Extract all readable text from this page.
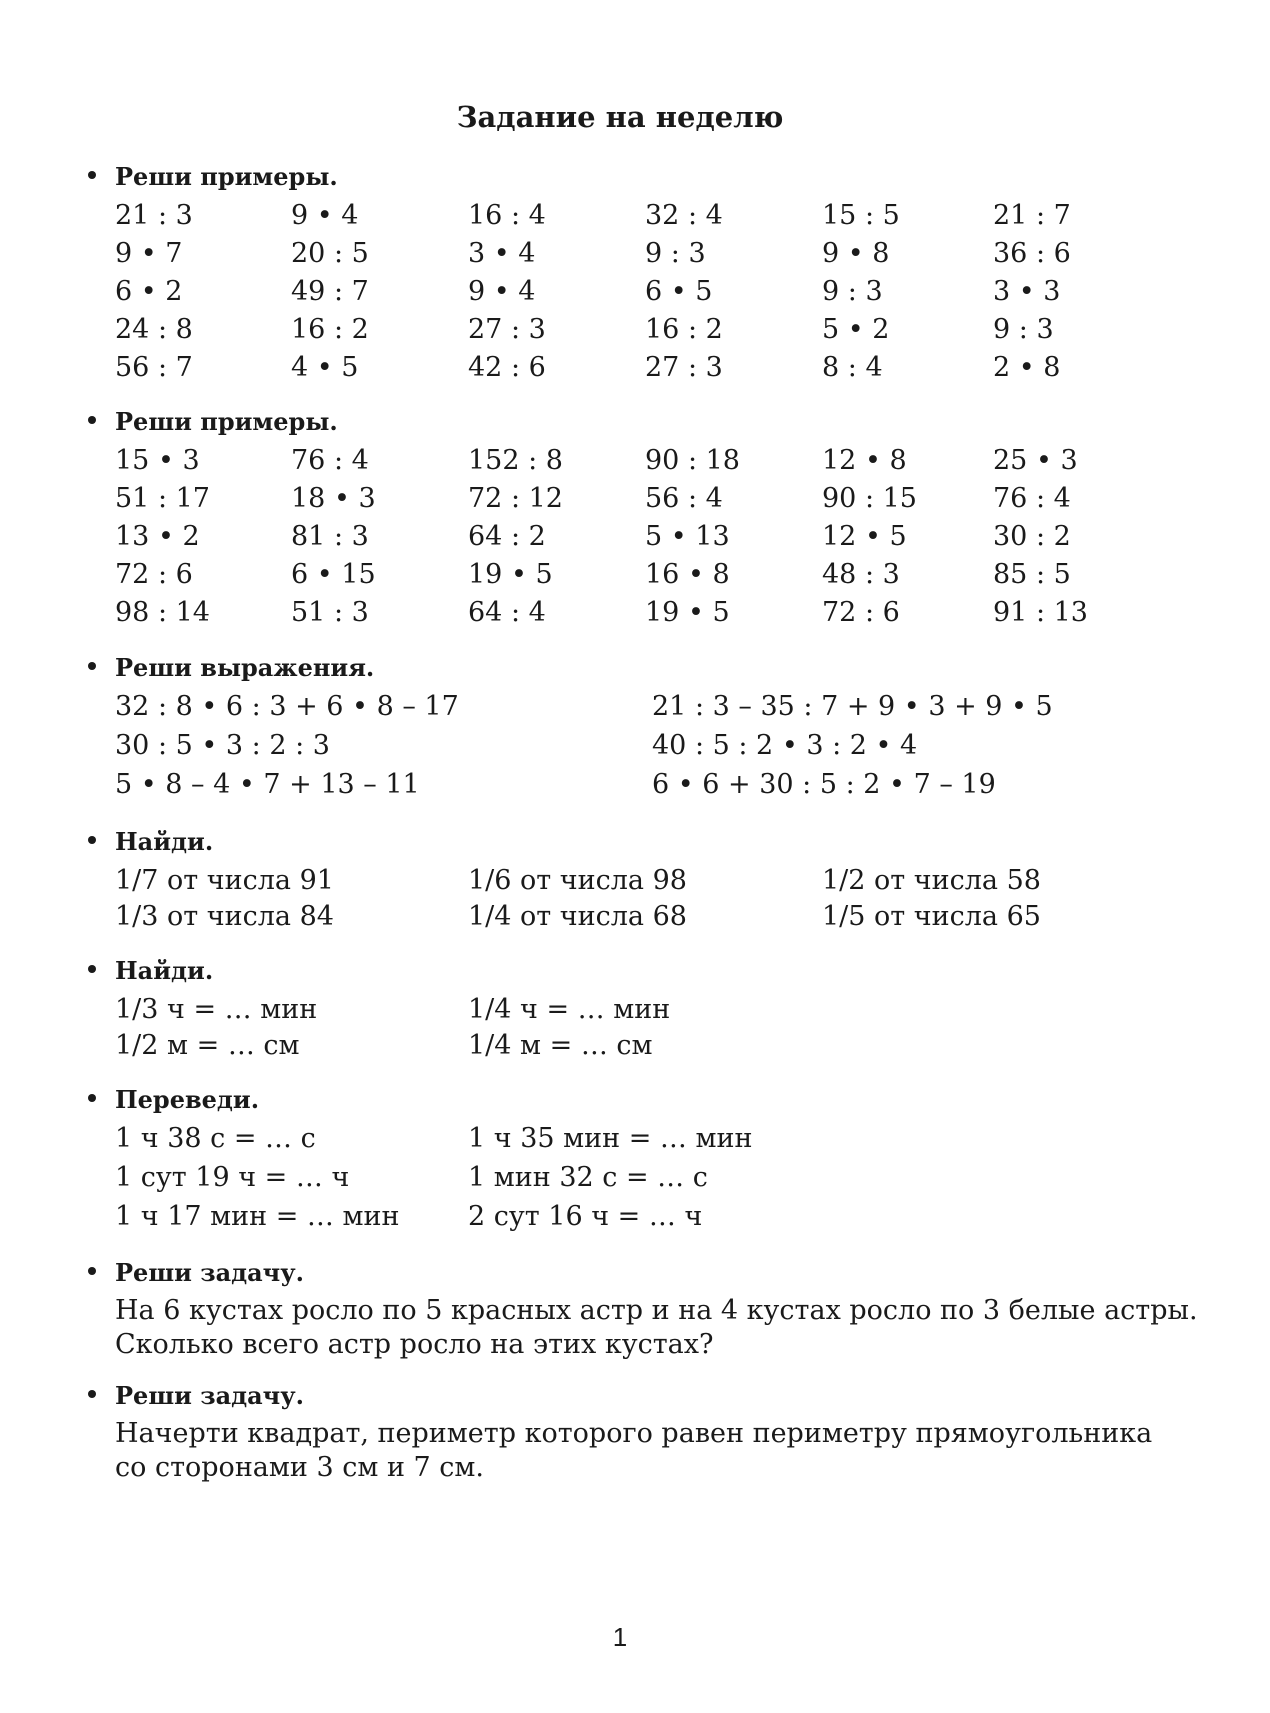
Задание на неделю
Реши примеры.
21 : 3	9 • 4	16 : 4	32 : 4	15 : 5	21 : 7
9 • 7	20 : 5	3 • 4	9 : 3	9 • 8	36 : 6
6 • 2	49 : 7	9 • 4	6 • 5	9 : 3	3 • 3
24 : 8	16 : 2	27 : 3	16 : 2	5 • 2	9 : 3
56 : 7	4 • 5	42 : 6	27 : 3	8 : 4	2 • 8
Реши примеры.
15 • 3	76 : 4	152 : 8	90 : 18	12 • 8	25 • 3
51 : 17	18 • 3	72 : 12	56 : 4	90 : 15	76 : 4
13 • 2	81 : 3	64 : 2	5 • 13	12 • 5	30 : 2
72 : 6	6 • 15	19 • 5	16 • 8	48 : 3	85 : 5
98 : 14	51 : 3	64 : 4	19 • 5	72 : 6	91 : 13
Реши выражения.
32 : 8 • 6 : 3 + 6 • 8 – 17	21 : 3 – 35 : 7 + 9 • 3 + 9 • 5
30 : 5 • 3 : 2 : 3	40 : 5 : 2 • 3 : 2 • 4
5 • 8 – 4 • 7 + 13 – 11	6 • 6 + 30 : 5 : 2 • 7 – 19
Найди.
1/7 от числа 91	1/6 от числа 98	1/2 от числа 58
1/3 от числа 84	1/4 от числа 68	1/5 от числа 65
Найди.
1/3 ч = … мин	1/4 ч = … мин
1/2 м = … см	1/4 м = … см
Переведи.
1 ч 38 с = … с	1 ч 35 мин = … мин
1 сут 19 ч = … ч	1 мин 32 с = … с
1 ч 17 мин = … мин	2 сут 16 ч = … ч
Реши задачу.
На 6 кустах росло по 5 красных астр и на 4 кустах росло по 3 белые астры.
Сколько всего астр росло на этих кустах?
Реши задачу.
Начерти квадрат, периметр которого равен периметру прямоугольника
со сторонами 3 см и 7 см.
1
